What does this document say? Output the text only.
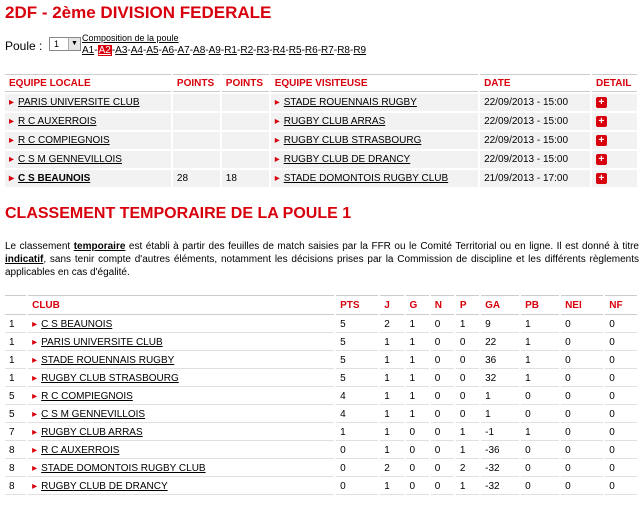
2DF - 2ème DIVISION FEDERALE
Poule : 1	▼
Composition de la poule
A1-A2-A3-A4-A5-A6-A7-A8-A9-R1-R2-R3-R4-R5-R6-R7-R8-R9
EQUIPE LOCALE	POINTS	POINTS	EQUIPE VISITEUSE	DATE	DETAIL
▸ PARIS UNIVERSITE CLUB			▸ STADE ROUENNAIS RUGBY	22/09/2013 - 15:00	+
▸ R C AUXERROIS			▸ RUGBY CLUB ARRAS	22/09/2013 - 15:00	+
▸ R C COMPIEGNOIS			▸ RUGBY CLUB STRASBOURG	22/09/2013 - 15:00	+
▸ C S M GENNEVILLOIS			▸ RUGBY CLUB DE DRANCY	22/09/2013 - 15:00	+
▸ C S BEAUNOIS	28	18	▸ STADE DOMONTOIS RUGBY CLUB	21/09/2013 - 17:00	+
CLASSEMENT TEMPORAIRE DE LA POULE 1
Le classement temporaire est établi à partir des feuilles de match saisies par la FFR ou le Comité Territorial ou en ligne. Il est donné à titre indicatif, sans tenir compte d'autres éléments, notamment les décisions prises par la Commission de discipline et les différents règlements applicables en cas d'égalité.
	CLUB	PTS	J	G	N	P	GA	PB	NEI	NF
1	▸ C S BEAUNOIS	5	2	1	0	1	9	1	0	0
1	▸ PARIS UNIVERSITE CLUB	5	1	1	0	0	22	1	0	0
1	▸ STADE ROUENNAIS RUGBY	5	1	1	0	0	36	1	0	0
1	▸ RUGBY CLUB STRASBOURG	5	1	1	0	0	32	1	0	0
5	▸ R C COMPIEGNOIS	4	1	1	0	0	1	0	0	0
5	▸ C S M GENNEVILLOIS	4	1	1	0	0	1	0	0	0
7	▸ RUGBY CLUB ARRAS	1	1	0	0	1	-1	1	0	0
8	▸ R C AUXERROIS	0	1	0	0	1	-36	0	0	0
8	▸ STADE DOMONTOIS RUGBY CLUB	0	2	0	0	2	-32	0	0	0
8	▸ RUGBY CLUB DE DRANCY	0	1	0	0	1	-32	0	0	0
